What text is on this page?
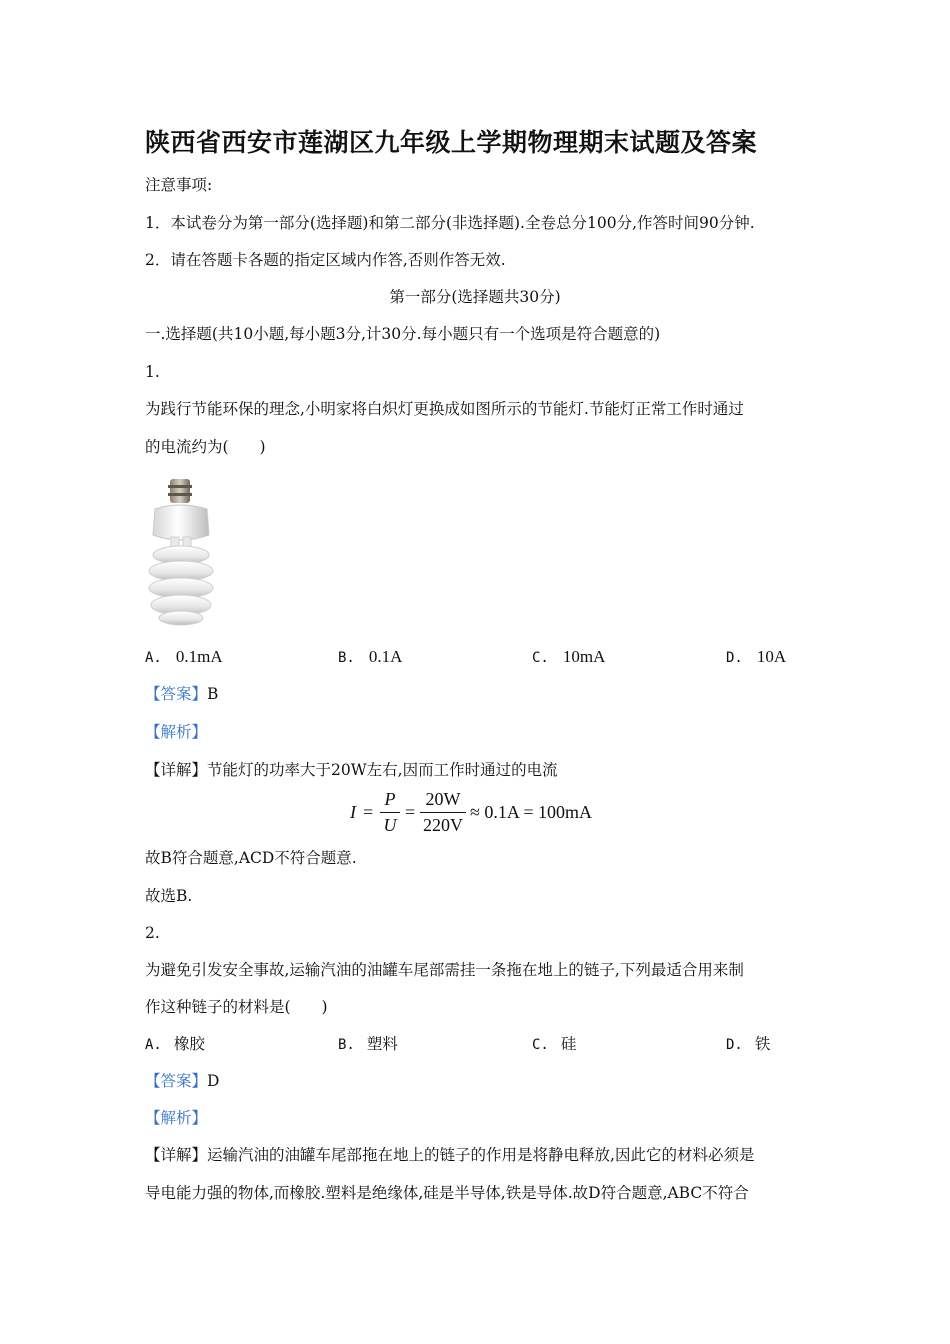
陕西省西安市莲湖区九年级上学期物理期末试题及答案
注意事项:
1．本试卷分为第一部分(选择题)和第二部分(非选择题).全卷总分100分,作答时间90分钟.
2．请在答题卡各题的指定区域内作答,否则作答无效.
第一部分(选择题共30分)
一.选择题(共10小题,每小题3分,计30分.每小题只有一个选项是符合题意的)
1.
为践行节能环保的理念,小明家将白炽灯更换成如图所示的节能灯.节能灯正常工作时通过
的电流约为(　　)
A. 0.1mA	B. 0.1A	C. 10mA	D. 10A
【答案】B
【解析】
【详解】节能灯的功率大于20W左右,因而工作时通过的电流
$I = \frac{P}{U} = \frac{20W}{220V} \approx 0.1A = 100mA$
故B符合题意,ACD不符合题意.
故选B.
2.
为避免引发安全事故,运输汽油的油罐车尾部需挂一条拖在地上的链子,下列最适合用来制
作这种链子的材料是(　　)
A. 橡胶	B. 塑料	C. 硅	D. 铁
【答案】D
【解析】
【详解】运输汽油的油罐车尾部拖在地上的链子的作用是将静电释放,因此它的材料必须是
导电能力强的物体,而橡胶.塑料是绝缘体,硅是半导体,铁是导体.故D符合题意,ABC不符合
